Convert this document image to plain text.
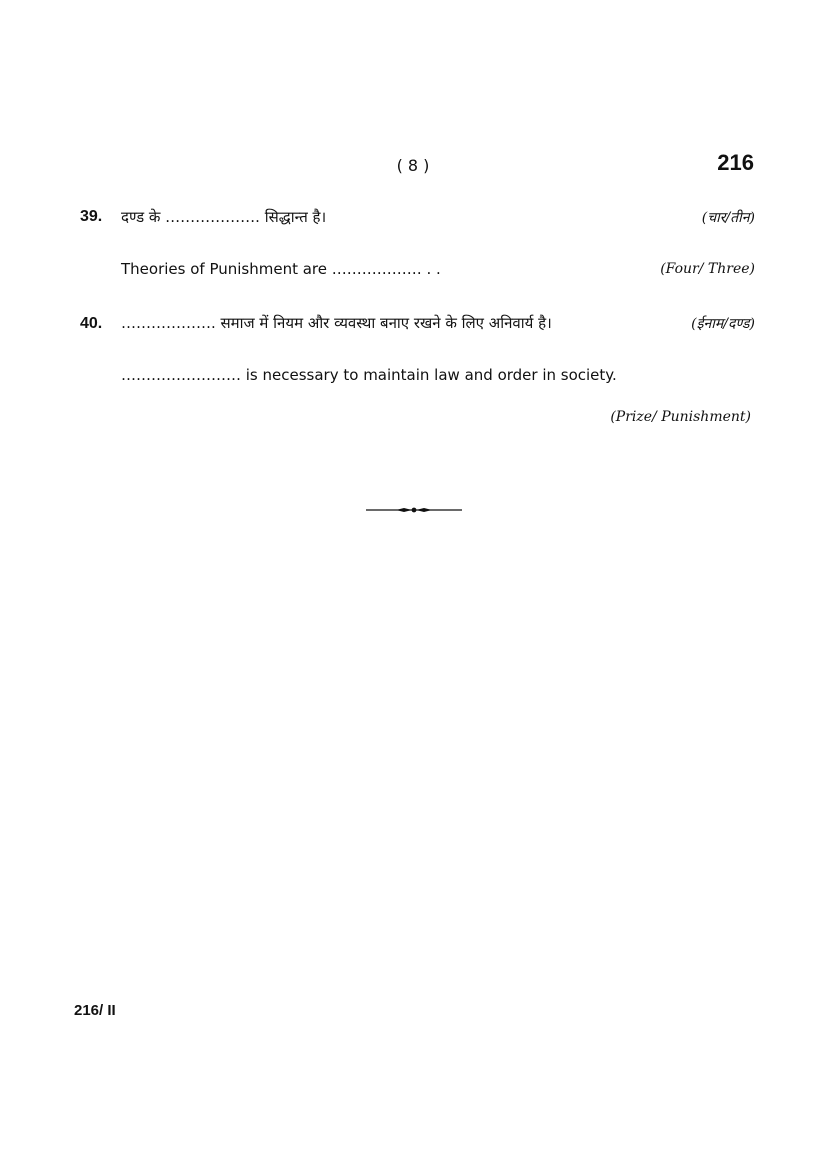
( 8 )	216
39. दण्ड के ………………. सिद्धान्त है।	(चार/तीन)
Theories of Punishment are ……………… . .	(Four/ Three)
40. ………………. समाज में नियम और व्यवस्था बनाए रखने के लिए अनिवार्य है।	(ईनाम/दण्ड)
…………………… is necessary to maintain law and order in society.
(Prize/ Punishment)
216/ II
